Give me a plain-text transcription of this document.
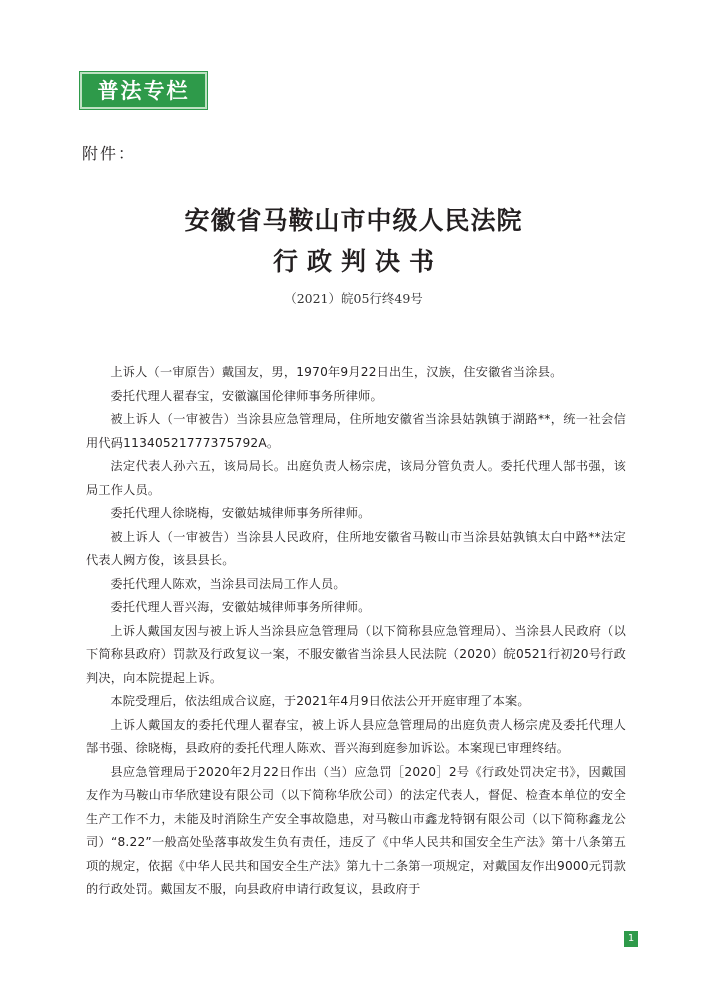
普法专栏
附件：
安徽省马鞍山市中级人民法院
行政判决书
（2021）皖05行终49号

上诉人（一审原告）戴国友，男，1970年9月22日出生，汉族，住安徽省当涂县。

委托代理人翟春宝，安徽瀛国伦律师事务所律师。

被上诉人（一审被告）当涂县应急管理局，住所地安徽省当涂县姑孰镇于湖路**，统一社会信用代码11340521777375792A。

法定代表人孙六五，该局局长。出庭负责人杨宗虎，该局分管负责人。委托代理人郜书强，该局工作人员。

委托代理人徐晓梅，安徽姑城律师事务所律师。

被上诉人（一审被告）当涂县人民政府，住所地安徽省马鞍山市当涂县姑孰镇太白中路**法定代表人阙方俊，该县县长。

委托代理人陈欢，当涂县司法局工作人员。

委托代理人晋兴海，安徽姑城律师事务所律师。

上诉人戴国友因与被上诉人当涂县应急管理局（以下简称县应急管理局）、当涂县人民政府（以下简称县政府）罚款及行政复议一案，不服安徽省当涂县人民法院（2020）皖0521行初20号行政判决，向本院提起上诉。

本院受理后，依法组成合议庭，于2021年4月9日依法公开开庭审理了本案。

上诉人戴国友的委托代理人翟春宝，被上诉人县应急管理局的出庭负责人杨宗虎及委托代理人郜书强、徐晓梅，县政府的委托代理人陈欢、晋兴海到庭参加诉讼。本案现已审理终结。

县应急管理局于2020年2月22日作出（当）应急罚［2020］2号《行政处罚决定书》，因戴国友作为马鞍山市华欣建设有限公司（以下简称华欣公司）的法定代表人，督促、检查本单位的安全生产工作不力，未能及时消除生产安全事故隐患，对马鞍山市鑫龙特钢有限公司（以下简称鑫龙公司）“8.22”一般高处坠落事故发生负有责任，违反了《中华人民共和国安全生产法》第十八条第五项的规定，依据《中华人民共和国安全生产法》第九十二条第一项规定，对戴国友作出9000元罚款的行政处罚。戴国友不服，向县政府申请行政复议，县政府于

1
